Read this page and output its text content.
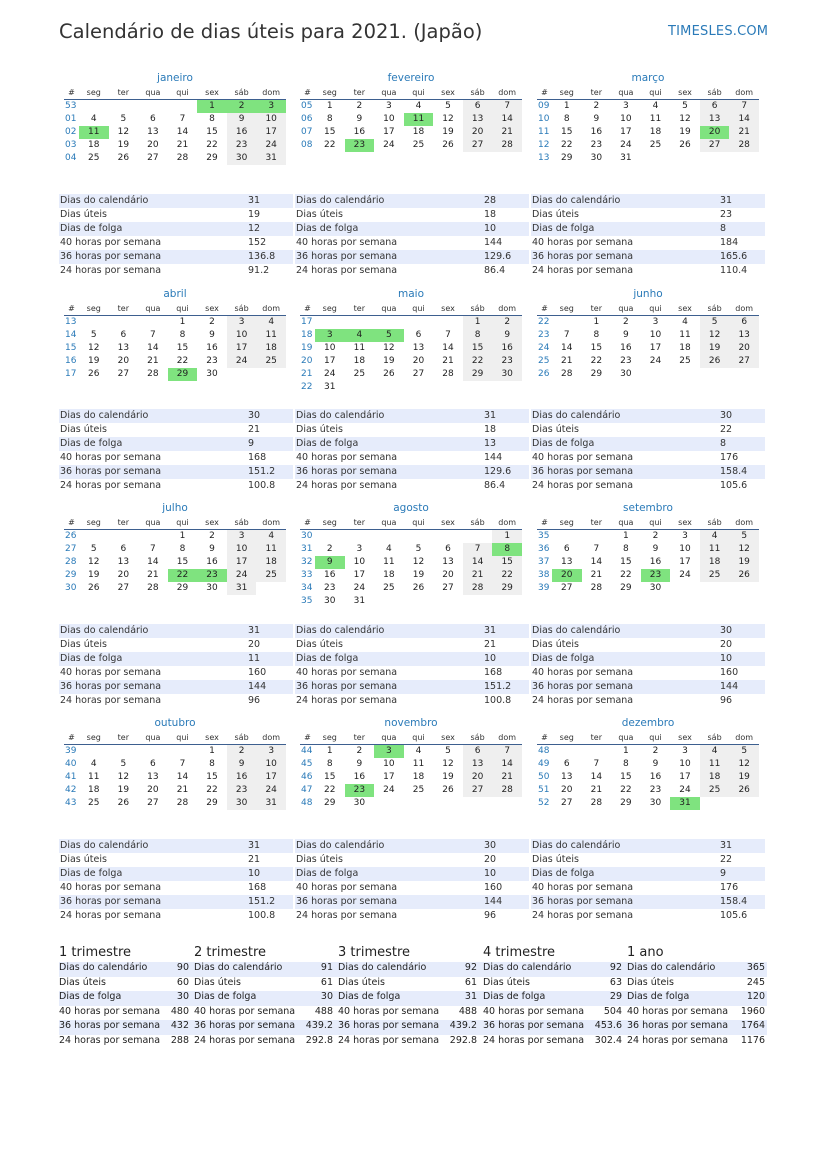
Calendário de dias úteis para 2021. (Japão)	TIMESLES.COM
janeiro
#	seg	ter	qua	qui	sex	sáb	dom
53					1	2	3
01	4	5	6	7	8	9	10
02	11	12	13	14	15	16	17
03	18	19	20	21	22	23	24
04	25	26	27	28	29	30	31
Dias do calendário	31
Dias úteis	19
Dias de folga	12
40 horas por semana	152
36 horas por semana	136.8
24 horas por semana	91.2
fevereiro
#	seg	ter	qua	qui	sex	sáb	dom
05	1	2	3	4	5	6	7
06	8	9	10	11	12	13	14
07	15	16	17	18	19	20	21
08	22	23	24	25	26	27	28
Dias do calendário	28
Dias úteis	18
Dias de folga	10
40 horas por semana	144
36 horas por semana	129.6
24 horas por semana	86.4
março
#	seg	ter	qua	qui	sex	sáb	dom
09	1	2	3	4	5	6	7
10	8	9	10	11	12	13	14
11	15	16	17	18	19	20	21
12	22	23	24	25	26	27	28
13	29	30	31				
Dias do calendário	31
Dias úteis	23
Dias de folga	8
40 horas por semana	184
36 horas por semana	165.6
24 horas por semana	110.4
abril
#	seg	ter	qua	qui	sex	sáb	dom
13				1	2	3	4
14	5	6	7	8	9	10	11
15	12	13	14	15	16	17	18
16	19	20	21	22	23	24	25
17	26	27	28	29	30		
Dias do calendário	30
Dias úteis	21
Dias de folga	9
40 horas por semana	168
36 horas por semana	151.2
24 horas por semana	100.8
maio
#	seg	ter	qua	qui	sex	sáb	dom
17						1	2
18	3	4	5	6	7	8	9
19	10	11	12	13	14	15	16
20	17	18	19	20	21	22	23
21	24	25	26	27	28	29	30
22	31						
Dias do calendário	31
Dias úteis	18
Dias de folga	13
40 horas por semana	144
36 horas por semana	129.6
24 horas por semana	86.4
junho
#	seg	ter	qua	qui	sex	sáb	dom
22		1	2	3	4	5	6
23	7	8	9	10	11	12	13
24	14	15	16	17	18	19	20
25	21	22	23	24	25	26	27
26	28	29	30				
Dias do calendário	30
Dias úteis	22
Dias de folga	8
40 horas por semana	176
36 horas por semana	158.4
24 horas por semana	105.6
julho
#	seg	ter	qua	qui	sex	sáb	dom
26				1	2	3	4
27	5	6	7	8	9	10	11
28	12	13	14	15	16	17	18
29	19	20	21	22	23	24	25
30	26	27	28	29	30	31	
Dias do calendário	31
Dias úteis	20
Dias de folga	11
40 horas por semana	160
36 horas por semana	144
24 horas por semana	96
agosto
#	seg	ter	qua	qui	sex	sáb	dom
30							1
31	2	3	4	5	6	7	8
32	9	10	11	12	13	14	15
33	16	17	18	19	20	21	22
34	23	24	25	26	27	28	29
35	30	31					
Dias do calendário	31
Dias úteis	21
Dias de folga	10
40 horas por semana	168
36 horas por semana	151.2
24 horas por semana	100.8
setembro
#	seg	ter	qua	qui	sex	sáb	dom
35			1	2	3	4	5
36	6	7	8	9	10	11	12
37	13	14	15	16	17	18	19
38	20	21	22	23	24	25	26
39	27	28	29	30			
Dias do calendário	30
Dias úteis	20
Dias de folga	10
40 horas por semana	160
36 horas por semana	144
24 horas por semana	96
outubro
#	seg	ter	qua	qui	sex	sáb	dom
39					1	2	3
40	4	5	6	7	8	9	10
41	11	12	13	14	15	16	17
42	18	19	20	21	22	23	24
43	25	26	27	28	29	30	31
Dias do calendário	31
Dias úteis	21
Dias de folga	10
40 horas por semana	168
36 horas por semana	151.2
24 horas por semana	100.8
novembro
#	seg	ter	qua	qui	sex	sáb	dom
44	1	2	3	4	5	6	7
45	8	9	10	11	12	13	14
46	15	16	17	18	19	20	21
47	22	23	24	25	26	27	28
48	29	30					
Dias do calendário	30
Dias úteis	20
Dias de folga	10
40 horas por semana	160
36 horas por semana	144
24 horas por semana	96
dezembro
#	seg	ter	qua	qui	sex	sáb	dom
48			1	2	3	4	5
49	6	7	8	9	10	11	12
50	13	14	15	16	17	18	19
51	20	21	22	23	24	25	26
52	27	28	29	30	31		
Dias do calendário	31
Dias úteis	22
Dias de folga	9
40 horas por semana	176
36 horas por semana	158.4
24 horas por semana	105.6
1 trimestre
Dias do calendário	90
Dias úteis	60
Dias de folga	30
40 horas por semana 480
36 horas por semana 432
24 horas por semana 288
2 trimestre
Dias do calendário	91
Dias úteis	61
Dias de folga	30
40 horas por semana 488
36 horas por semana 439.2
24 horas por semana 292.8
3 trimestre
Dias do calendário	92
Dias úteis	61
Dias de folga	31
40 horas por semana 488
36 horas por semana 439.2
24 horas por semana 292.8
4 trimestre
Dias do calendário	92
Dias úteis	63
Dias de folga	29
40 horas por semana 504
36 horas por semana 453.6
24 horas por semana 302.4
1 ano
Dias do calendário	365
Dias úteis	245
Dias de folga	120
40 horas por semana 1960
36 horas por semana 1764
24 horas por semana 1176
